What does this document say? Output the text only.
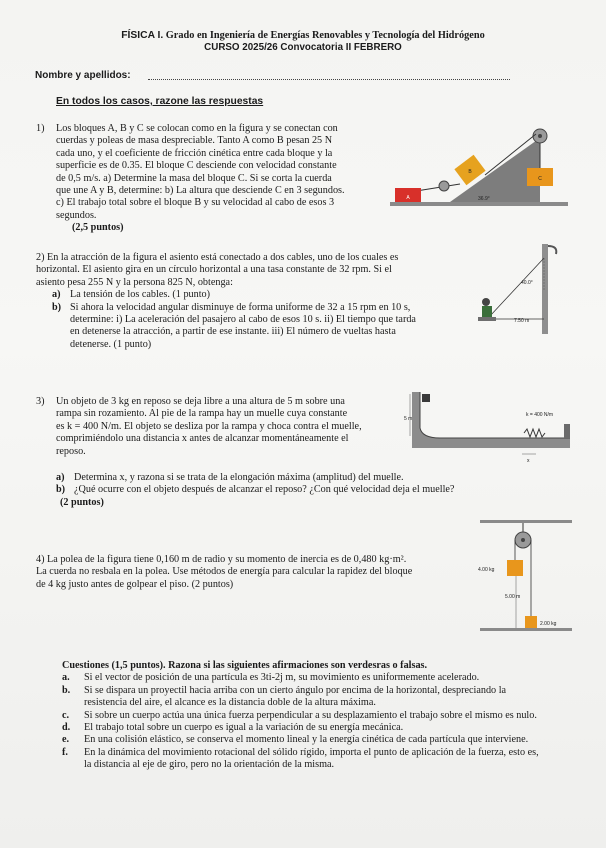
FÍSICA I. Grado en Ingeniería de Energías Renovables y Tecnología del Hidrógeno
CURSO 2025/26 Convocatoria II FEBRERO
Nombre y apellidos:
En todos los casos, razone las respuestas
1) Los bloques A, B y C se colocan como en la figura y se conectan con
cuerdas y poleas de masa despreciable. Tanto A como B pesan 25 N
cada uno, y el coeficiente de fricción cinética entre cada bloque y la
superficie es de 0.35. El bloque C desciende con velocidad constante
de 0,5 m/s. a) Determine la masa del bloque C. Si se corta la cuerda
que une A y B, determine: b) La altura que desciende C en 3 segundos.
c) El trabajo total sobre el bloque B y su velocidad al cabo de esos 3
segundos.
(2,5 puntos)
A
B
C
36.9°
2) En la atracción de la figura el asiento está conectado a dos cables, uno de los cuales es
horizontal. El asiento gira en un círculo horizontal a una tasa constante de 32 rpm. Si el
asiento pesa 255 N y la persona 825 N, obtenga:
a) La tensión de los cables. (1 punto)
b) Si ahora la velocidad angular disminuye de forma uniforme de 32 a 15 rpm en 10 s,
determine: i) La aceleración del pasajero al cabo de esos 10 s. ii) El tiempo que tarda
en detenerse la atracción, a partir de ese instante. iii) El número de vueltas hasta
detenerse. (1 punto)
40.0°
7.50 m
3) Un objeto de 3 kg en reposo se deja libre a una altura de 5 m sobre una
rampa sin rozamiento. Al pie de la rampa hay un muelle cuya constante
es k = 400 N/m. El objeto se desliza por la rampa y choca contra el muelle,
comprimiéndolo una distancia x antes de alcanzar momentáneamente el
reposo.
a) Determina x, y razona si se trata de la elongación máxima (amplitud) del muelle.
b) ¿Qué ocurre con el objeto después de alcanzar el reposo? ¿Con qué velocidad deja el muelle?
(2 puntos)
5 m
k = 400 N/m
x
4) La polea de la figura tiene 0,160 m de radio y su momento de inercia es de 0,480 kg·m².
La cuerda no resbala en la polea. Use métodos de energía para calcular la rapidez del bloque
de 4 kg justo antes de golpear el piso. (2 puntos)
4.00 kg
5.00 m
2.00 kg
Cuestiones (1,5 puntos). Razona si las siguientes afirmaciones son verdesras o falsas.
a.	Si el vector de posición de una partícula es 3ti-2j m, su movimiento es uniformemente acelerado.
b.	Si se dispara un proyectil hacia arriba con un cierto ángulo por encima de la horizontal, despreciando la
resistencia del aire, el alcance es la distancia doble de la altura máxima.
c.	Si sobre un cuerpo actúa una única fuerza perpendicular a su desplazamiento el trabajo sobre el mismo es nulo.
d.	El trabajo total sobre un cuerpo es igual a la variación de su energía mecánica.
e.	En una colisión elástico, se conserva el momento lineal y la energía cinética de cada partícula que interviene.
f.	En la dinámica del movimiento rotacional del sólido rígido, importa el punto de aplicación de la fuerza, esto es,
la distancia al eje de giro, pero no la orientación de la misma.
